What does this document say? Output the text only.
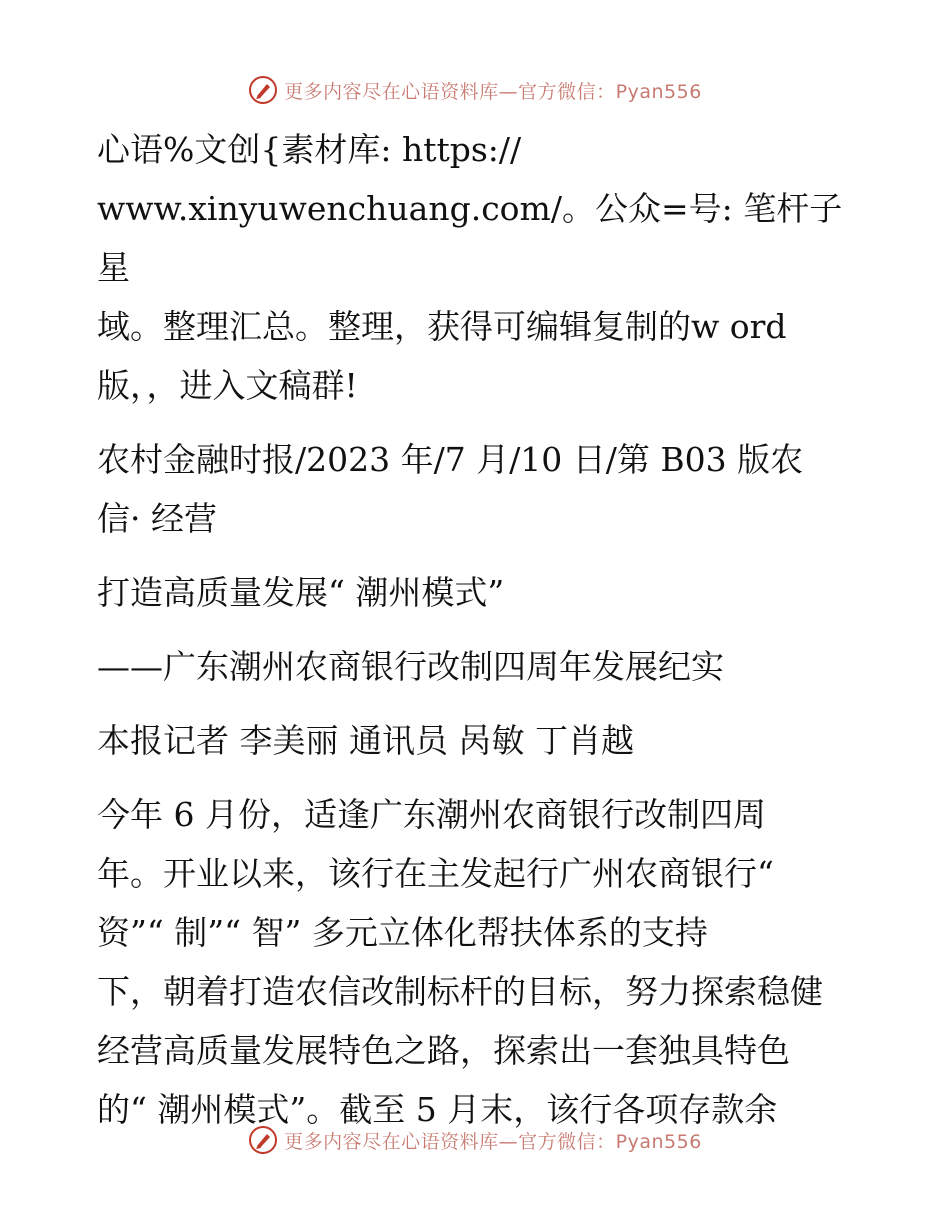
更多内容尽在心语资料库—官方微信：Pyan556

心语%文创{素材库: https://
www.xinyuwenchuang.com/。公众=号: 笔杆子星
域。整理汇总。整理，获得可编辑复制的w ord
版，，进入文稿群!

农村金融时报/2023 年/7 月/10 日/第 B03 版农
信· 经营

打造高质量发展“ 潮州模式”

——广东潮州农商银行改制四周年发展纪实

本报记者 李美丽 通讯员 呙敏 丁肖越

今年 6 月份，适逢广东潮州农商银行改制四周
年。开业以来，该行在主发起行广州农商银行“
资”“ 制”“ 智” 多元立体化帮扶体系的支持
下，朝着打造农信改制标杆的目标，努力探索稳健
经营高质量发展特色之路，探索出一套独具特色
的“ 潮州模式”。截至 5 月末，该行各项存款余

更多内容尽在心语资料库—官方微信：Pyan556
